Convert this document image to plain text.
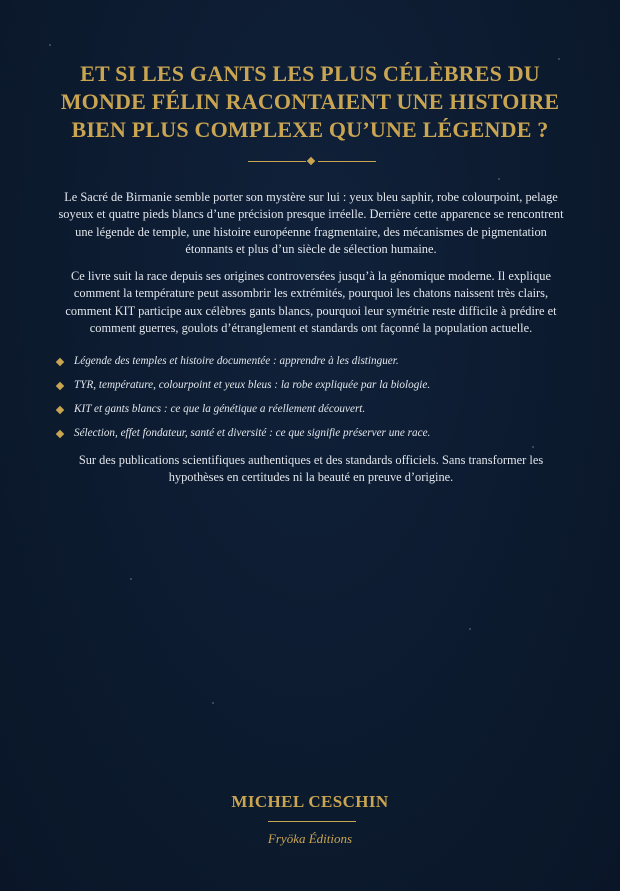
ET SI LES GANTS LES PLUS CÉLÈBRES DU
MONDE FÉLIN RACONTAIENT UNE HISTOIRE
BIEN PLUS COMPLEXE QU’UNE LÉGENDE ?

Le Sacré de Birmanie semble porter son mystère sur lui : yeux bleu saphir, robe colourpoint, pelage soyeux et quatre pieds blancs d’une précision presque irréelle. Derrière cette apparence se rencontrent une légende de temple, une histoire européenne fragmentaire, des mécanismes de pigmentation étonnants et plus d’un siècle de sélection humaine.

Ce livre suit la race depuis ses origines controversées jusqu’à la génomique moderne. Il explique comment la température peut assombrir les extrémités, pourquoi les chatons naissent très clairs, comment KIT participe aux célèbres gants blancs, pourquoi leur symétrie reste difficile à prédire et comment guerres, goulots d’étranglement et standards ont façonné la population actuelle.

Légende des temples et histoire documentée : apprendre à les distinguer.
TYR, température, colourpoint et yeux bleus : la robe expliquée par la biologie.
KIT et gants blancs : ce que la génétique a réellement découvert.
Sélection, effet fondateur, santé et diversité : ce que signifie préserver une race.

Sur des publications scientifiques authentiques et des standards officiels. Sans transformer les hypothèses en certitudes ni la beauté en preuve d’origine.

MICHEL CESCHIN

Fryöka Éditions
